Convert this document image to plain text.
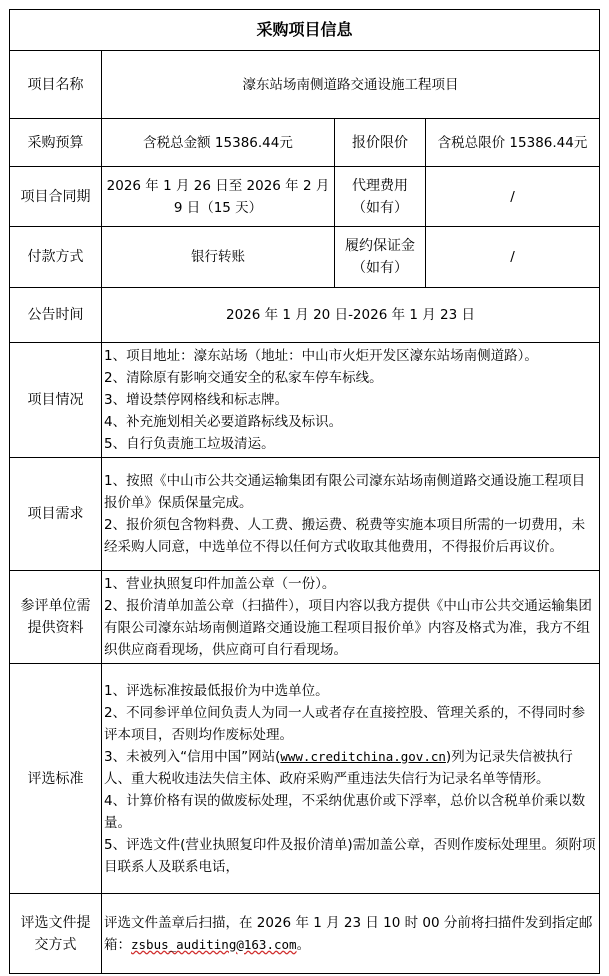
采购项目信息			
项目名称	濠东站场南侧道路交通设施工程项目		
采购预算	含税总金额 15386.44元	报价限价	含税总限价 15386.44元
项目合同期	2026 年 1 月 26 日至 2026 年 2 月 9 日（15 天）	代理费用（如有）	/
付款方式	银行转账	履约保证金（如有）	/
公告时间	2026 年 1 月 20 日-2026 年 1 月 23 日		
项目情况	1、项目地址：濠东站场（地址：中山市火炬开发区濠东站场南侧道路）。

2、清除原有影响交通安全的私家车停车标线。

3、增设禁停网格线和标志牌。

4、补充施划相关必要道路标线及标识。

5、自行负责施工垃圾清运。		

项目需求	1、按照《中山市公共交通运输集团有限公司濠东站场南侧道路交通设施工程项目报价单》保质保量完成。

2、报价须包含物料费、人工费、搬运费、税费等实施本项目所需的一切费用，未经采购人同意，中选单位不得以任何方式收取其他费用，不得报价后再议价。		

参评单位需提供资料	1、营业执照复印件加盖公章（一份）。

2、报价清单加盖公章（扫描件），项目内容以我方提供《中山市公共交通运输集团有限公司濠东站场南侧道路交通设施工程项目报价单》内容及格式为准，我方不组织供应商看现场，供应商可自行看现场。		

评选标准	1、评选标准按最低报价为中选单位。

2、不同参评单位间负责人为同一人或者存在直接控股、管理关系的，不得同时参评本项目，否则均作废标处理。

3、未被列入“信用中国”网站(www.creditchina.gov.cn)列为记录失信被执行人、重大税收违法失信主体、政府采购严重违法失信行为记录名单等情形。

4、计算价格有误的做废标处理，不采纳优惠价或下浮率，总价以含税单价乘以数量。

5、评选文件(营业执照复印件及报价清单)需加盖公章，否则作废标处理里。须附项目联系人及联系电话，		

评选文件提交方式	评选文件盖章后扫描，在 2026 年 1 月 23 日 10 时 00 分前将扫描件发到指定邮箱：zsbus_auditing@163.com。		
